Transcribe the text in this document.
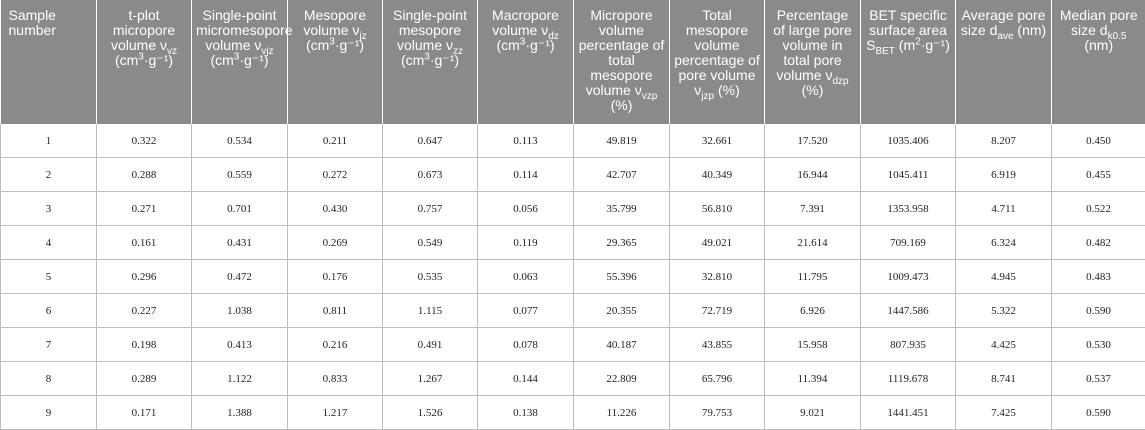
Sample number	t-plot micropore volume $\nu_{vz}$ $(cm^3\cdot g^{-1})$	Single-point micromesopore volume $\nu_{vjz}$ $(cm^3\cdot g^{-1})$	Mesopore volume $\nu_{jz}$ $(cm^3\cdot g^{-1})$	Single-point mesopore volume $\nu_{zz}$ $(cm^3\cdot g^{-1})$	Macropore volume $\nu_{dz}$ $(cm^3\cdot g^{-1})$	Micropore volume percentage of total mesopore volume $\nu_{vzp}$ (%)	Total mesopore volume percentage of pore volume $\nu_{jzp}$ (%)	Percentage of large pore volume in total pore volume $\nu_{dzp}$ (%)	BET specific surface area $S_{BET}$ $(m^2\cdot g^{-1})$	Average pore size $d_{ave}$ (nm)	Median pore size $d_{k0.5}$ (nm)
1	0.322	0.534	0.211	0.647	0.113	49.819	32.661	17.520	1035.406	8.207	0.450
2	0.288	0.559	0.272	0.673	0.114	42.707	40.349	16.944	1045.411	6.919	0.455
3	0.271	0.701	0.430	0.757	0.056	35.799	56.810	7.391	1353.958	4.711	0.522
4	0.161	0.431	0.269	0.549	0.119	29.365	49.021	21.614	709.169	6.324	0.482
5	0.296	0.472	0.176	0.535	0.063	55.396	32.810	11.795	1009.473	4.945	0.483
6	0.227	1.038	0.811	1.115	0.077	20.355	72.719	6.926	1447.586	5.322	0.590
7	0.198	0.413	0.216	0.491	0.078	40.187	43.855	15.958	807.935	4.425	0.530
8	0.289	1.122	0.833	1.267	0.144	22.809	65.796	11.394	1119.678	8.741	0.537
9	0.171	1.388	1.217	1.526	0.138	11.226	79.753	9.021	1441.451	7.425	0.590
